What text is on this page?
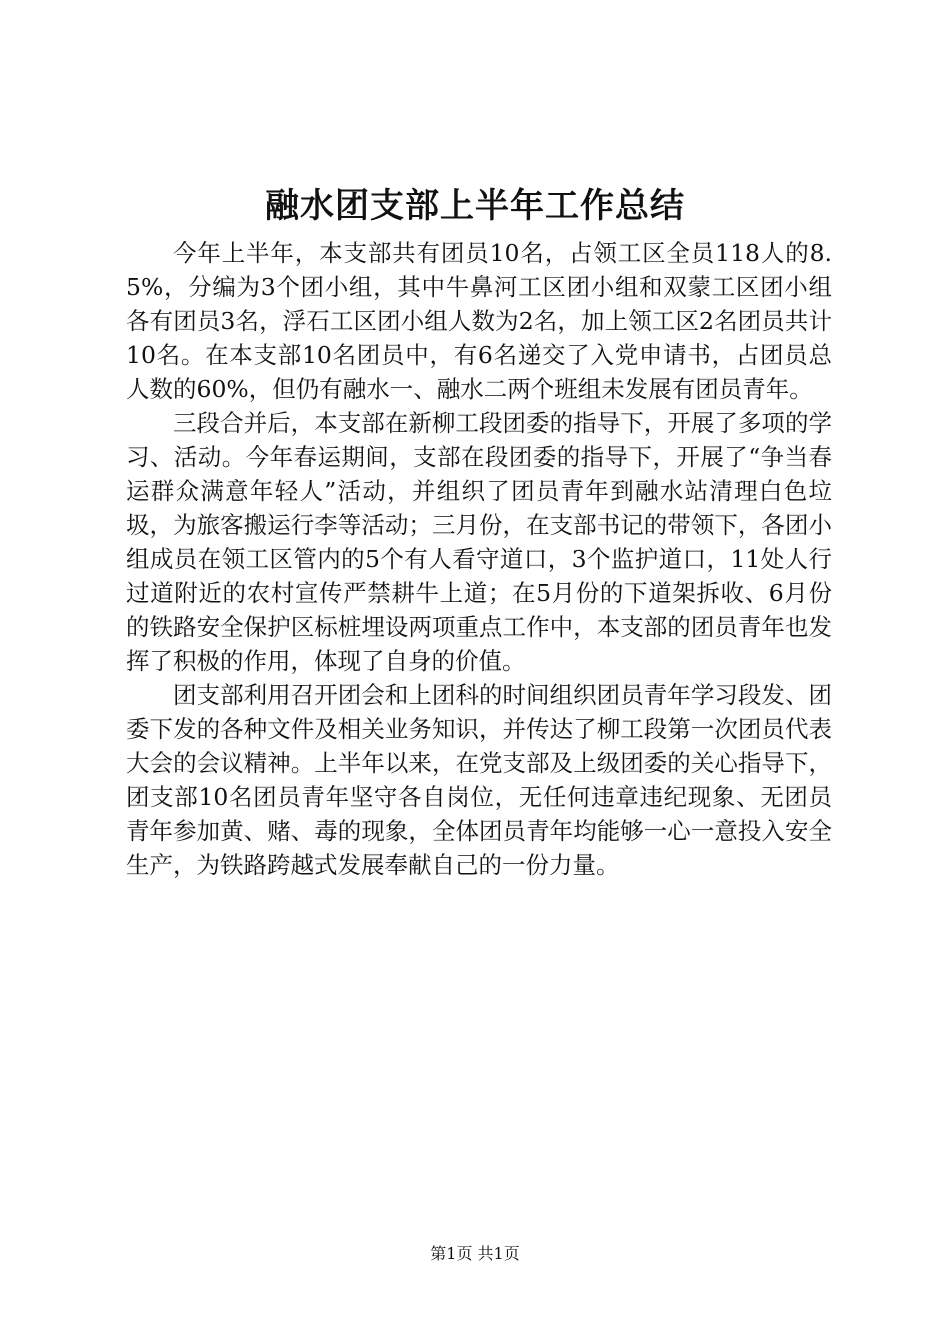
融水团支部上半年工作总结

今年上半年，本支部共有团员10名，占领工区全员118人的8.5%，分编为3个团小组，其中牛鼻河工区团小组和双蒙工区团小组各有团员3名，浮石工区团小组人数为2名，加上领工区2名团员共计10名。在本支部10名团员中，有6名递交了入党申请书，占团员总人数的60%，但仍有融水一、融水二两个班组未发展有团员青年。

三段合并后，本支部在新柳工段团委的指导下，开展了多项的学习、活动。今年春运期间，支部在段团委的指导下，开展了“争当春运群众满意年轻人”活动，并组织了团员青年到融水站清理白色垃圾，为旅客搬运行李等活动；三月份，在支部书记的带领下，各团小组成员在领工区管内的5个有人看守道口，3个监护道口，11处人行过道附近的农村宣传严禁耕牛上道；在5月份的下道架拆收、6月份的铁路安全保护区标桩埋设两项重点工作中，本支部的团员青年也发挥了积极的作用，体现了自身的价值。

团支部利用召开团会和上团科的时间组织团员青年学习段发、团委下发的各种文件及相关业务知识，并传达了柳工段第一次团员代表大会的会议精神。上半年以来，在党支部及上级团委的关心指导下，团支部10名团员青年坚守各自岗位，无任何违章违纪现象、无团员青年参加黄、赌、毒的现象，全体团员青年均能够一心一意投入安全生产，为铁路跨越式发展奉献自己的一份力量。

第1页 共1页
